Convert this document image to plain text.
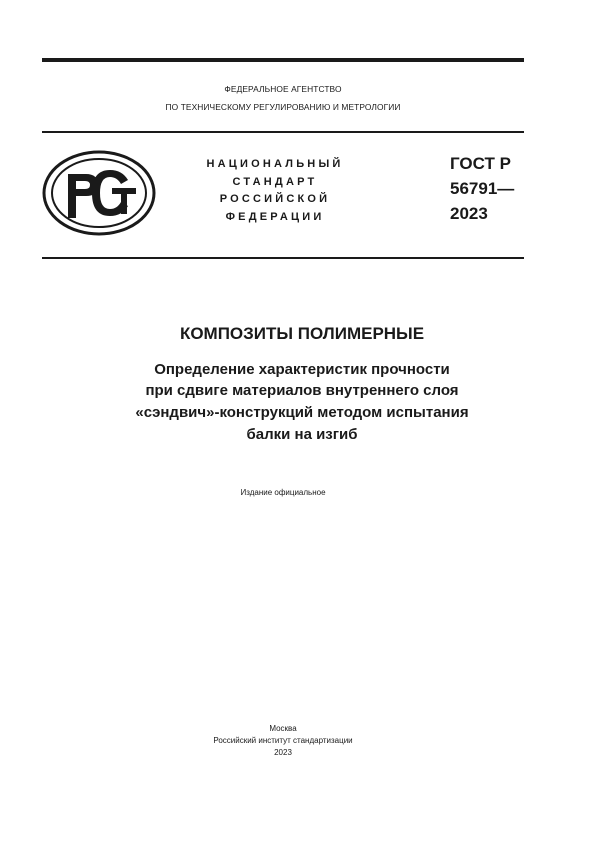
ФЕДЕРАЛЬНОЕ АГЕНТСТВО
ПО ТЕХНИЧЕСКОМУ РЕГУЛИРОВАНИЮ И МЕТРОЛОГИИ
НАЦИОНАЛЬНЫЙ
СТАНДАРТ
РОССИЙСКОЙ
ФЕДЕРАЦИИ
ГОСТ Р
56791—
2023
КОМПОЗИТЫ ПОЛИМЕРНЫЕ
Определение характеристик прочности
при сдвиге материалов внутреннего слоя
«сэндвич»-конструкций методом испытания
балки на изгиб
Издание официальное
Москва
Российский институт стандартизации
2023
